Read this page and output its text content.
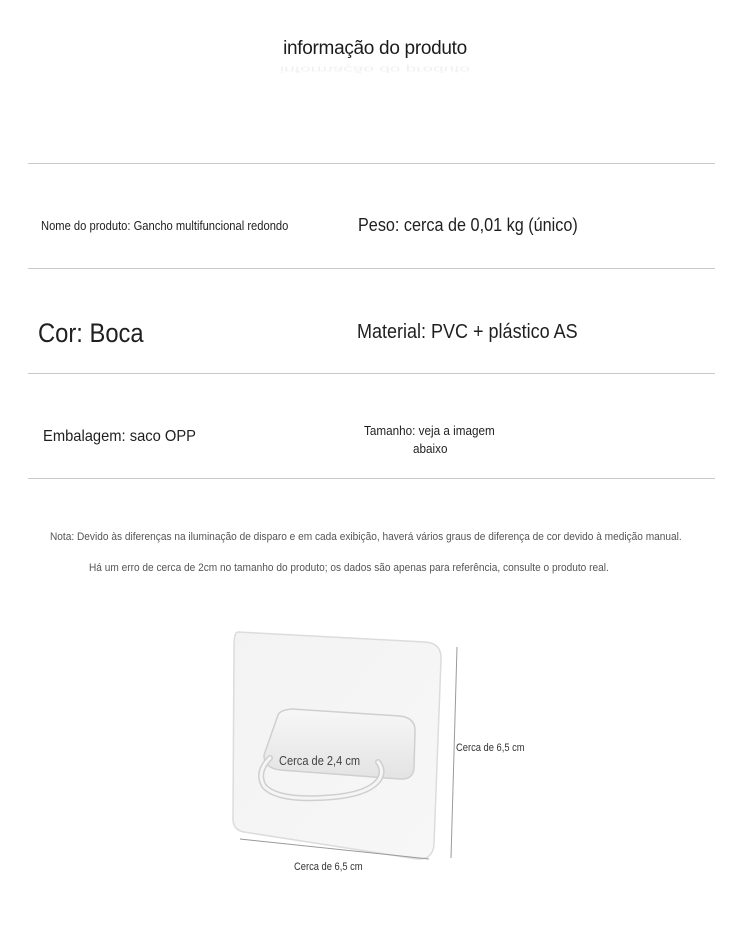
informação do produto
informação do produto
Nome do produto: Gancho multifuncional redondo	Peso: cerca de 0,01 kg (único)
Cor: Boca	Material: PVC + plástico AS
Embalagem: saco OPP	Tamanho: veja a imagem
abaixo
Nota: Devido às diferenças na iluminação de disparo e em cada exibição, haverá vários graus de diferença de cor devido à medição manual.
Há um erro de cerca de 2cm no tamanho do produto; os dados são apenas para referência, consulte o produto real.
Cerca de 2,4 cm
Cerca de 6,5 cm
Cerca de 6,5 cm
